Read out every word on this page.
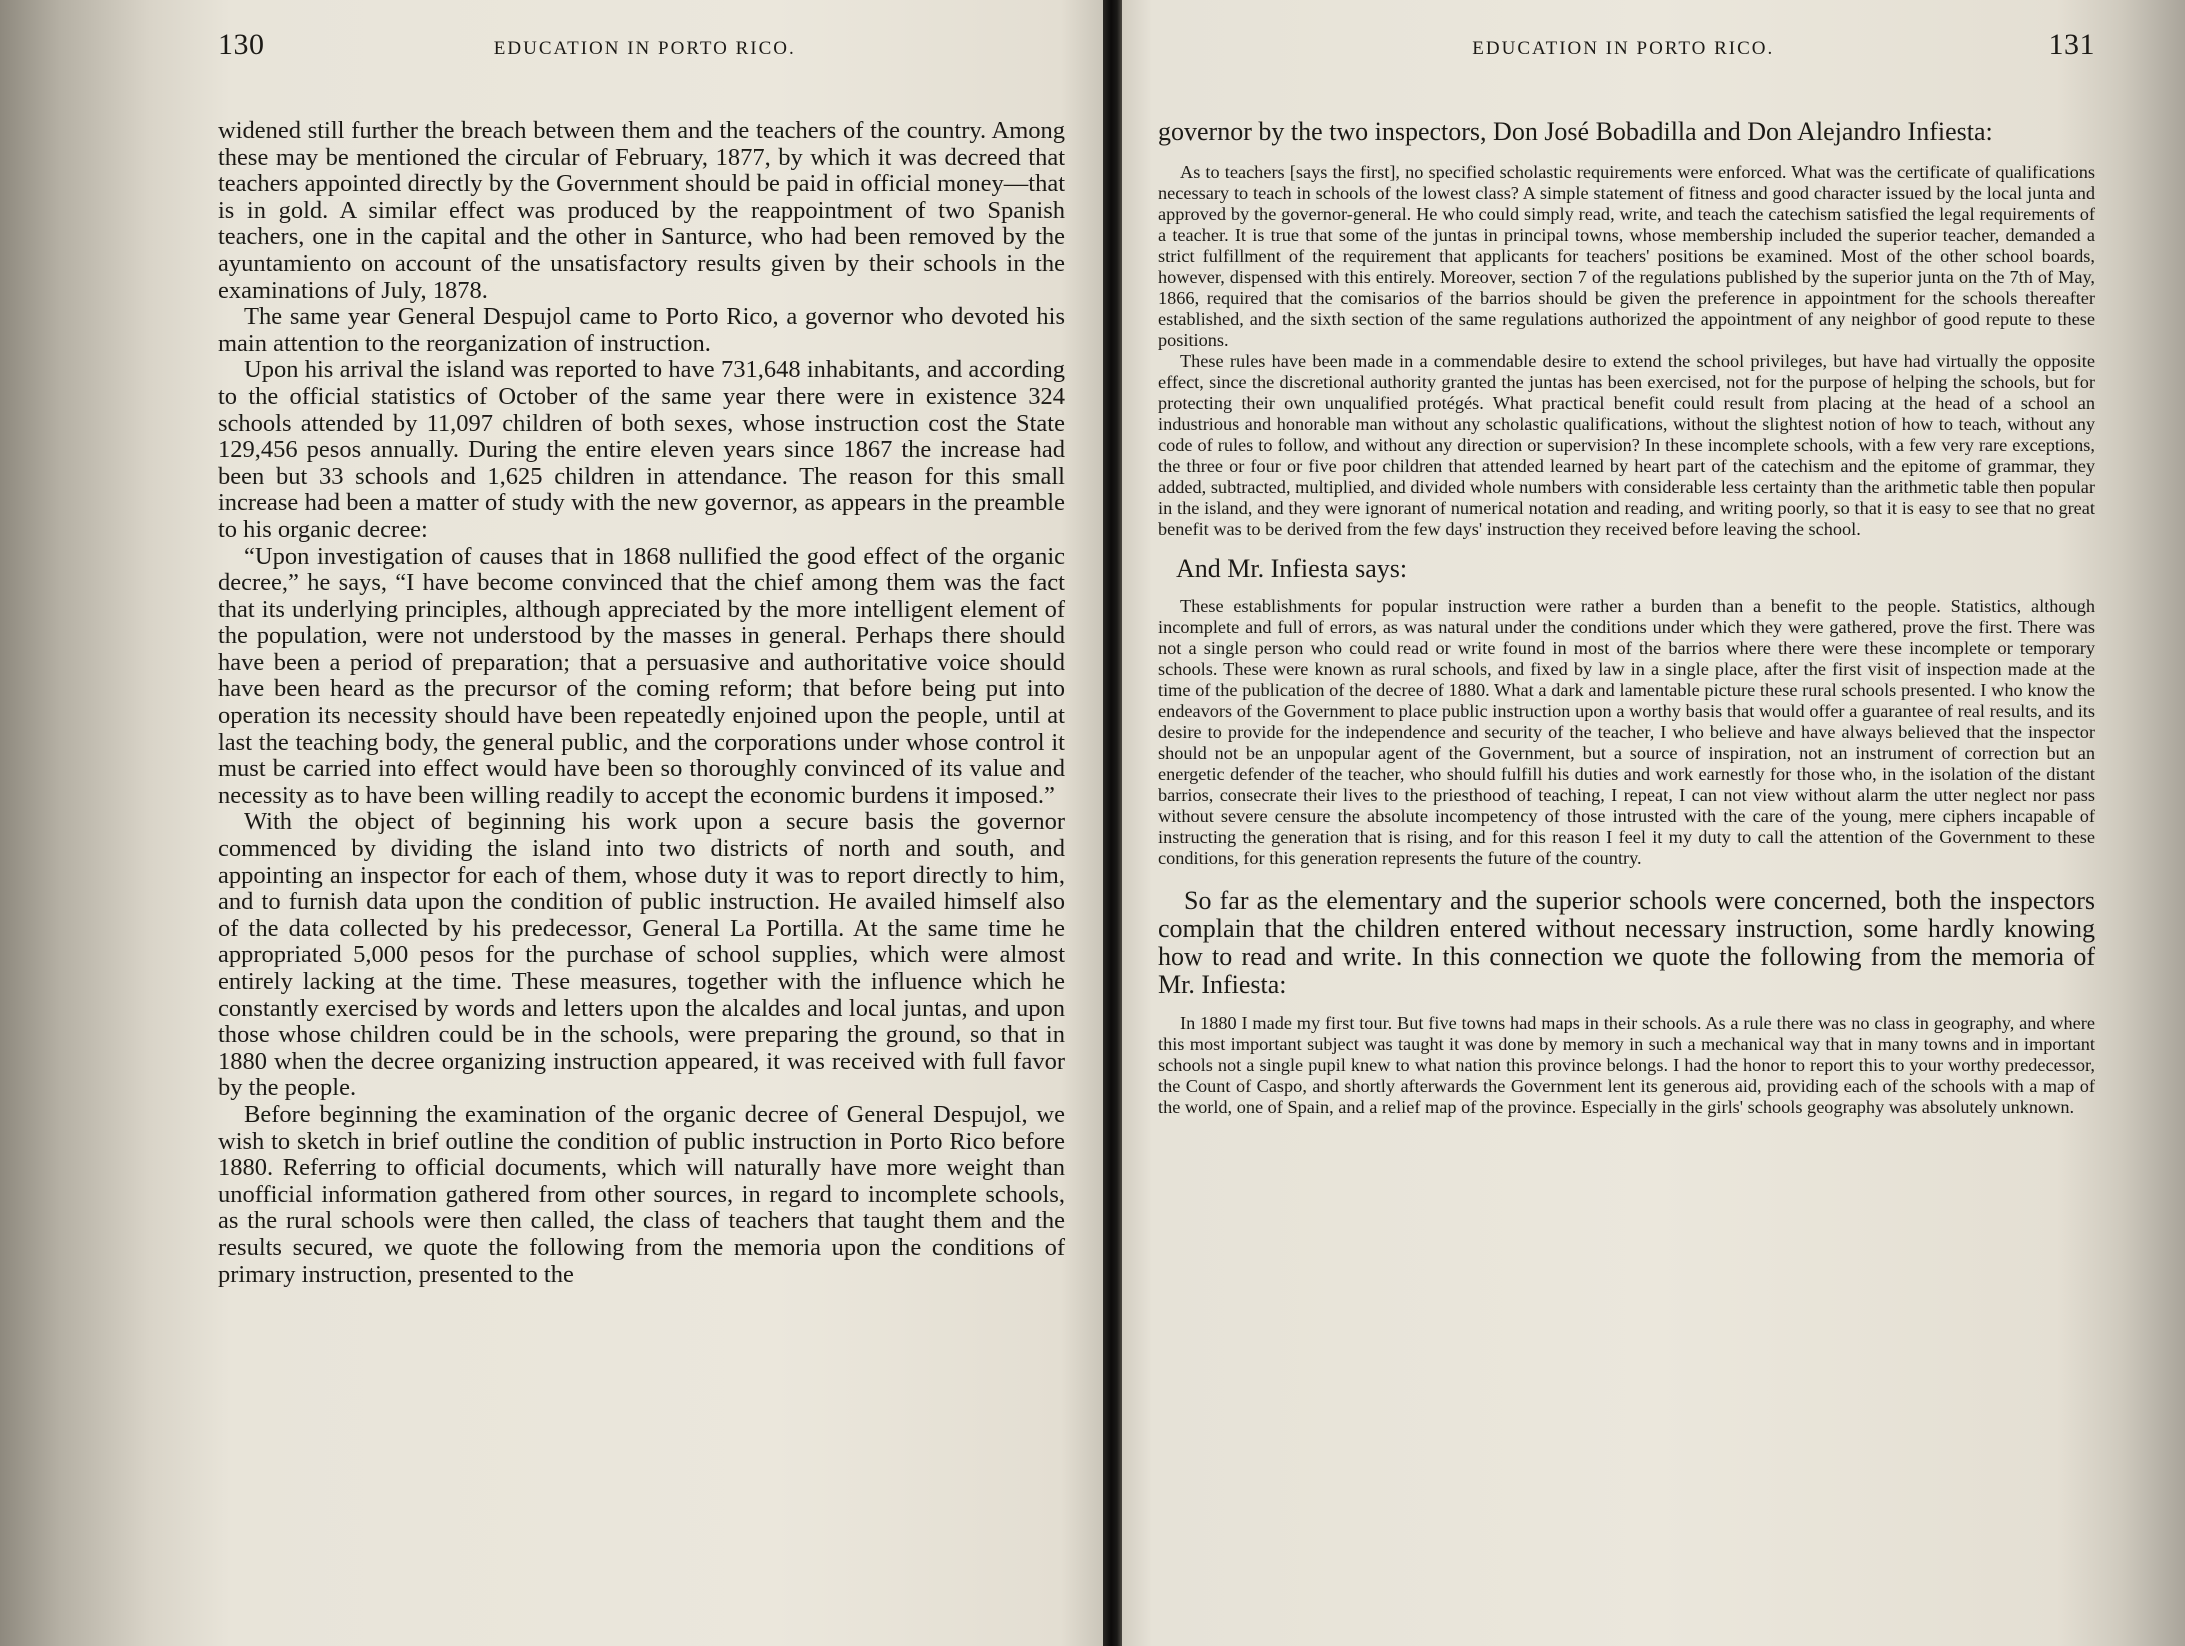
130	EDUCATION IN PORTO RICO.

widened still further the breach between them and the teachers of the country. Among these may be mentioned the circular of February, 1877, by which it was decreed that teachers appointed directly by the Government should be paid in official money—that is in gold. A similar effect was produced by the reappointment of two Spanish teachers, one in the capital and the other in Santurce, who had been removed by the ayuntamiento on account of the unsatisfactory results given by their schools in the examinations of July, 1878.

The same year General Despujol came to Porto Rico, a governor who devoted his main attention to the reorganization of instruction.

Upon his arrival the island was reported to have 731,648 inhabitants, and according to the official statistics of October of the same year there were in existence 324 schools attended by 11,097 children of both sexes, whose instruction cost the State 129,456 pesos annually. During the entire eleven years since 1867 the increase had been but 33 schools and 1,625 children in attendance. The reason for this small increase had been a matter of study with the new governor, as appears in the preamble to his organic decree:

“Upon investigation of causes that in 1868 nullified the good effect of the organic decree,” he says, “I have become convinced that the chief among them was the fact that its underlying principles, although appreciated by the more intelligent element of the population, were not understood by the masses in general. Perhaps there should have been a period of preparation; that a persuasive and authoritative voice should have been heard as the precursor of the coming reform; that before being put into operation its necessity should have been repeatedly enjoined upon the people, until at last the teaching body, the general public, and the corporations under whose control it must be carried into effect would have been so thoroughly convinced of its value and necessity as to have been willing readily to accept the economic burdens it imposed.”

With the object of beginning his work upon a secure basis the governor commenced by dividing the island into two districts of north and south, and appointing an inspector for each of them, whose duty it was to report directly to him, and to furnish data upon the condition of public instruction. He availed himself also of the data collected by his predecessor, General La Portilla. At the same time he appropriated 5,000 pesos for the purchase of school supplies, which were almost entirely lacking at the time. These measures, together with the influence which he constantly exercised by words and letters upon the alcaldes and local juntas, and upon those whose children could be in the schools, were preparing the ground, so that in 1880 when the decree organizing instruction appeared, it was received with full favor by the people.

Before beginning the examination of the organic decree of General Despujol, we wish to sketch in brief outline the condition of public instruction in Porto Rico before 1880. Referring to official documents, which will naturally have more weight than unofficial information gathered from other sources, in regard to incomplete schools, as the rural schools were then called, the class of teachers that taught them and the results secured, we quote the following from the memoria upon the conditions of primary instruction, presented to the

EDUCATION IN PORTO RICO.	131

governor by the two inspectors, Don José Bobadilla and Don Alejandro Infiesta:

As to teachers [says the first], no specified scholastic requirements were enforced. What was the certificate of qualifications necessary to teach in schools of the lowest class? A simple statement of fitness and good character issued by the local junta and approved by the governor-general. He who could simply read, write, and teach the catechism satisfied the legal requirements of a teacher. It is true that some of the juntas in principal towns, whose membership included the superior teacher, demanded a strict fulfillment of the requirement that applicants for teachers' positions be examined. Most of the other school boards, however, dispensed with this entirely. Moreover, section 7 of the regulations published by the superior junta on the 7th of May, 1866, required that the comisarios of the barrios should be given the preference in appointment for the schools thereafter established, and the sixth section of the same regulations authorized the appointment of any neighbor of good repute to these positions.

These rules have been made in a commendable desire to extend the school privileges, but have had virtually the opposite effect, since the discretional authority granted the juntas has been exercised, not for the purpose of helping the schools, but for protecting their own unqualified protégés. What practical benefit could result from placing at the head of a school an industrious and honorable man without any scholastic qualifications, without the slightest notion of how to teach, without any code of rules to follow, and without any direction or supervision? In these incomplete schools, with a few very rare exceptions, the three or four or five poor children that attended learned by heart part of the catechism and the epitome of grammar, they added, subtracted, multiplied, and divided whole numbers with considerable less certainty than the arithmetic table then popular in the island, and they were ignorant of numerical notation and reading, and writing poorly, so that it is easy to see that no great benefit was to be derived from the few days' instruction they received before leaving the school.

And Mr. Infiesta says:

These establishments for popular instruction were rather a burden than a benefit to the people. Statistics, although incomplete and full of errors, as was natural under the conditions under which they were gathered, prove the first. There was not a single person who could read or write found in most of the barrios where there were these incomplete or temporary schools. These were known as rural schools, and fixed by law in a single place, after the first visit of inspection made at the time of the publication of the decree of 1880. What a dark and lamentable picture these rural schools presented. I who know the endeavors of the Government to place public instruction upon a worthy basis that would offer a guarantee of real results, and its desire to provide for the independence and security of the teacher, I who believe and have always believed that the inspector should not be an unpopular agent of the Government, but a source of inspiration, not an instrument of correction but an energetic defender of the teacher, who should fulfill his duties and work earnestly for those who, in the isolation of the distant barrios, consecrate their lives to the priesthood of teaching, I repeat, I can not view without alarm the utter neglect nor pass without severe censure the absolute incompetency of those intrusted with the care of the young, mere ciphers incapable of instructing the generation that is rising, and for this reason I feel it my duty to call the attention of the Government to these conditions, for this generation represents the future of the country.

So far as the elementary and the superior schools were concerned, both the inspectors complain that the children entered without necessary instruction, some hardly knowing how to read and write. In this connection we quote the following from the memoria of Mr. Infiesta:

In 1880 I made my first tour. But five towns had maps in their schools. As a rule there was no class in geography, and where this most important subject was taught it was done by memory in such a mechanical way that in many towns and in important schools not a single pupil knew to what nation this province belongs. I had the honor to report this to your worthy predecessor, the Count of Caspo, and shortly afterwards the Government lent its generous aid, providing each of the schools with a map of the world, one of Spain, and a relief map of the province. Especially in the girls' schools geography was absolutely unknown.
